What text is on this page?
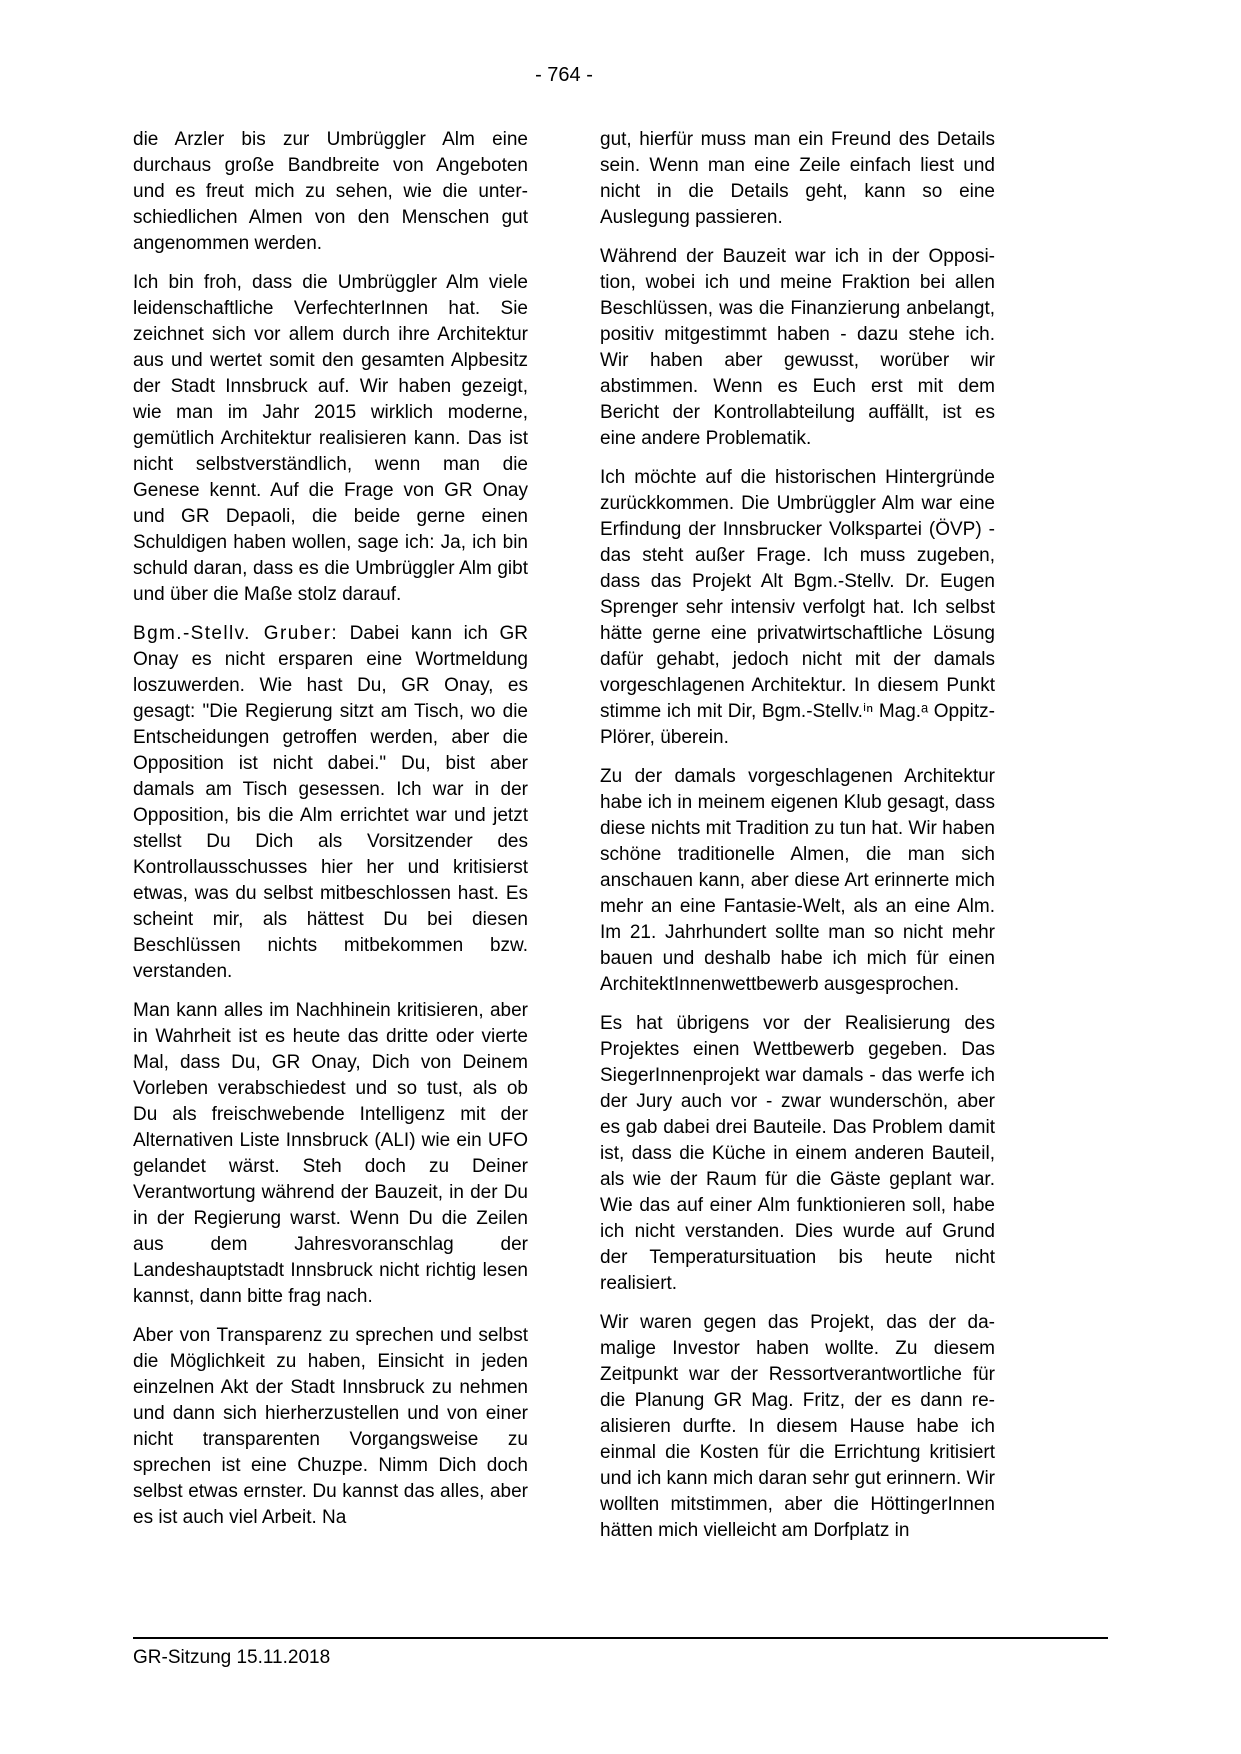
- 764 -

die Arzler bis zur Umbrüggler Alm eine durchaus große Bandbreite von Angeboten und es freut mich zu sehen, wie die unterschiedlichen Almen von den Menschen gut angenommen werden.

Ich bin froh, dass die Umbrüggler Alm viele leidenschaftliche VerfechterInnen hat. Sie zeichnet sich vor allem durch ihre Architektur aus und wertet somit den gesamten Alpbesitz der Stadt Innsbruck auf. Wir haben gezeigt, wie man im Jahr 2015 wirklich moderne, gemütlich Architektur realisieren kann. Das ist nicht selbstverständlich, wenn man die Genese kennt. Auf die Frage von GR Onay und GR Depaoli, die beide gerne einen Schuldigen haben wollen, sage ich: Ja, ich bin schuld daran, dass es die Umbrüggler Alm gibt und über die Maße stolz darauf.

Bgm.-Stellv. Gruber: Dabei kann ich GR Onay es nicht ersparen eine Wortmeldung loszuwerden. Wie hast Du, GR Onay, es gesagt: "Die Regierung sitzt am Tisch, wo die Entscheidungen getroffen werden, aber die Opposition ist nicht dabei." Du, bist aber damals am Tisch gesessen. Ich war in der Opposition, bis die Alm errichtet war und jetzt stellst Du Dich als Vorsitzender des Kontrollausschusses hier her und kritisierst etwas, was du selbst mitbeschlossen hast. Es scheint mir, als hättest Du bei diesen Beschlüssen nichts mitbekommen bzw. verstanden.

Man kann alles im Nachhinein kritisieren, aber in Wahrheit ist es heute das dritte oder vierte Mal, dass Du, GR Onay, Dich von Deinem Vorleben verabschiedest und so tust, als ob Du als freischwebende Intelligenz mit der Alternativen Liste Innsbruck (ALI) wie ein UFO gelandet wärst. Steh doch zu Deiner Verantwortung während der Bauzeit, in der Du in der Regierung warst. Wenn Du die Zeilen aus dem Jahresvoranschlag der Landeshauptstadt Innsbruck nicht richtig lesen kannst, dann bitte frag nach.

Aber von Transparenz zu sprechen und selbst die Möglichkeit zu haben, Einsicht in jeden einzelnen Akt der Stadt Innsbruck zu nehmen und dann sich hierherzustellen und von einer nicht transparenten Vorgangsweise zu sprechen ist eine Chuzpe. Nimm Dich doch selbst etwas ernster. Du kannst das alles, aber es ist auch viel Arbeit. Na

gut, hierfür muss man ein Freund des Details sein. Wenn man eine Zeile einfach liest und nicht in die Details geht, kann so eine Auslegung passieren.

Während der Bauzeit war ich in der Opposition, wobei ich und meine Fraktion bei allen Beschlüssen, was die Finanzierung anbelangt, positiv mitgestimmt haben - dazu stehe ich. Wir haben aber gewusst, worüber wir abstimmen. Wenn es Euch erst mit dem Bericht der Kontrollabteilung auffällt, ist es eine andere Problematik.

Ich möchte auf die historischen Hintergründe zurückkommen. Die Umbrüggler Alm war eine Erfindung der Innsbrucker Volkspartei (ÖVP) - das steht außer Frage. Ich muss zugeben, dass das Projekt Alt Bgm.-Stellv. Dr. Eugen Sprenger sehr intensiv verfolgt hat. Ich selbst hätte gerne eine privatwirtschaftliche Lösung dafür gehabt, jedoch nicht mit der damals vorgeschlagenen Architektur. In diesem Punkt stimme ich mit Dir, Bgm.-Stellv.ⁱⁿ Mag.ᵃ Oppitz-Plörer, überein.

Zu der damals vorgeschlagenen Architektur habe ich in meinem eigenen Klub gesagt, dass diese nichts mit Tradition zu tun hat. Wir haben schöne traditionelle Almen, die man sich anschauen kann, aber diese Art erinnerte mich mehr an eine Fantasie-Welt, als an eine Alm. Im 21. Jahrhundert sollte man so nicht mehr bauen und deshalb habe ich mich für einen ArchitektInnenwettbewerb ausgesprochen.

Es hat übrigens vor der Realisierung des Projektes einen Wettbewerb gegeben. Das SiegerInnenprojekt war damals - das werfe ich der Jury auch vor - zwar wunderschön, aber es gab dabei drei Bauteile. Das Problem damit ist, dass die Küche in einem anderen Bauteil, als wie der Raum für die Gäste geplant war. Wie das auf einer Alm funktionieren soll, habe ich nicht verstanden. Dies wurde auf Grund der Temperatursituation bis heute nicht realisiert.

Wir waren gegen das Projekt, das der damalige Investor haben wollte. Zu diesem Zeitpunkt war der Ressortverantwortliche für die Planung GR Mag. Fritz, der es dann realisieren durfte. In diesem Hause habe ich einmal die Kosten für die Errichtung kritisiert und ich kann mich daran sehr gut erinnern. Wir wollten mitstimmen, aber die HöttingerInnen hätten mich vielleicht am Dorfplatz in

GR-Sitzung 15.11.2018
